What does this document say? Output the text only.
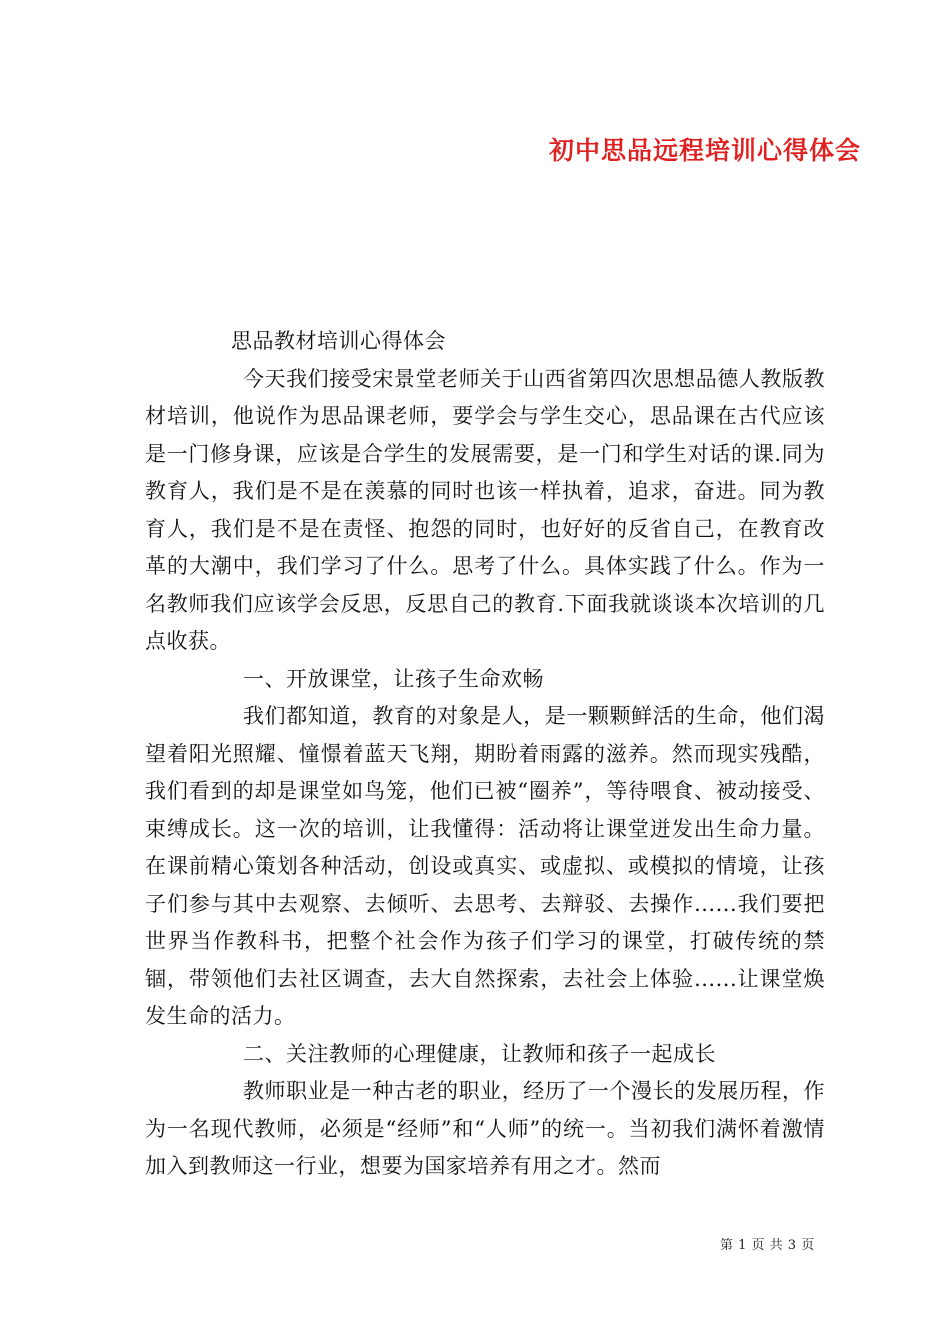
初中思品远程培训心得体会

思品教材培训心得体会

今天我们接受宋景堂老师关于山西省第四次思想品德人教版教材培训，他说作为思品课老师，要学会与学生交心，思品课在古代应该是一门修身课，应该是合学生的发展需要，是一门和学生对话的课.同为教育人，我们是不是在羡慕的同时也该一样执着，追求，奋进。同为教育人，我们是不是在责怪、抱怨的同时，也好好的反省自己，在教育改革的大潮中，我们学习了什么。思考了什么。具体实践了什么。作为一名教师我们应该学会反思，反思自己的教育.下面我就谈谈本次培训的几点收获。

一、开放课堂，让孩子生命欢畅

我们都知道，教育的对象是人，是一颗颗鲜活的生命，他们渴望着阳光照耀、憧憬着蓝天飞翔，期盼着雨露的滋养。然而现实残酷，我们看到的却是课堂如鸟笼，他们已被“圈养”，等待喂食、被动接受、束缚成长。这一次的培训，让我懂得：活动将让课堂迸发出生命力量。在课前精心策划各种活动，创设或真实、或虚拟、或模拟的情境，让孩子们参与其中去观察、去倾听、去思考、去辩驳、去操作......我们要把世界当作教科书，把整个社会作为孩子们学习的课堂，打破传统的禁锢，带领他们去社区调查，去大自然探索，去社会上体验......让课堂焕发生命的活力。

二、关注教师的心理健康，让教师和孩子一起成长

教师职业是一种古老的职业，经历了一个漫长的发展历程，作为一名现代教师，必须是“经师”和“人师”的统一。当初我们满怀着激情加入到教师这一行业，想要为国家培养有用之才。然而

第 1 页 共 3 页
